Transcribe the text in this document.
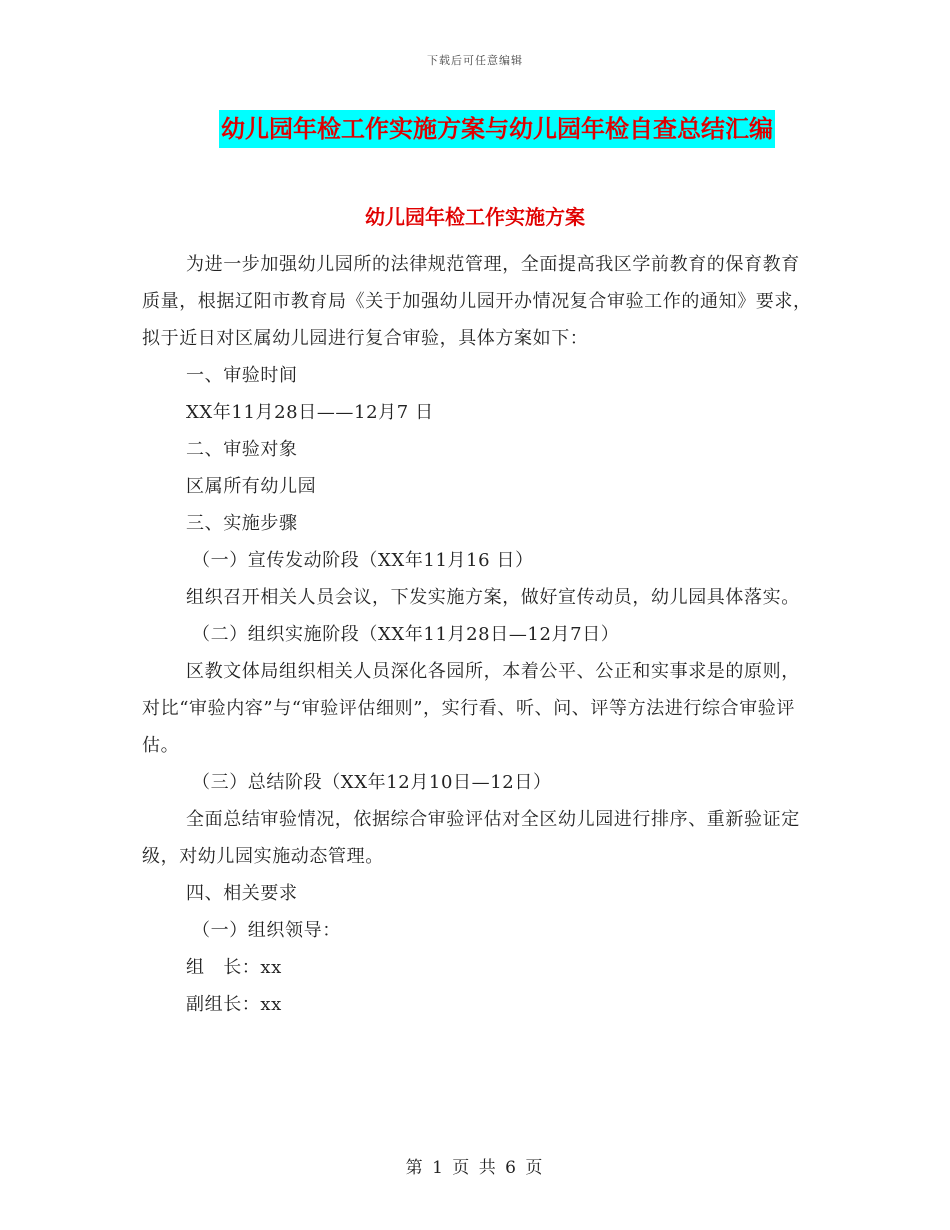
下载后可任意编辑
幼儿园年检工作实施方案与幼儿园年检自查总结汇编
幼儿园年检工作实施方案

为进一步加强幼儿园所的法律规范管理，全面提高我区学前教育的保育教育质量，根据辽阳市教育局《关于加强幼儿园开办情况复合审验工作的通知》要求，拟于近日对区属幼儿园进行复合审验，具体方案如下：

一、审验时间

XX年11月28日——12月7 日

二、审验对象

区属所有幼儿园

三、实施步骤

（一）宣传发动阶段（XX年11月16 日）

组织召开相关人员会议，下发实施方案，做好宣传动员，幼儿园具体落实。

（二）组织实施阶段（XX年11月28日—12月7日）

区教文体局组织相关人员深化各园所，本着公平、公正和实事求是的原则，对比“审验内容”与“审验评估细则”，实行看、听、问、评等方法进行综合审验评估。

（三）总结阶段（XX年12月10日—12日）

全面总结审验情况，依据综合审验评估对全区幼儿园进行排序、重新验证定级，对幼儿园实施动态管理。

四、相关要求

（一）组织领导：

组　长：xx

副组长：xx

第 1 页 共 6 页
